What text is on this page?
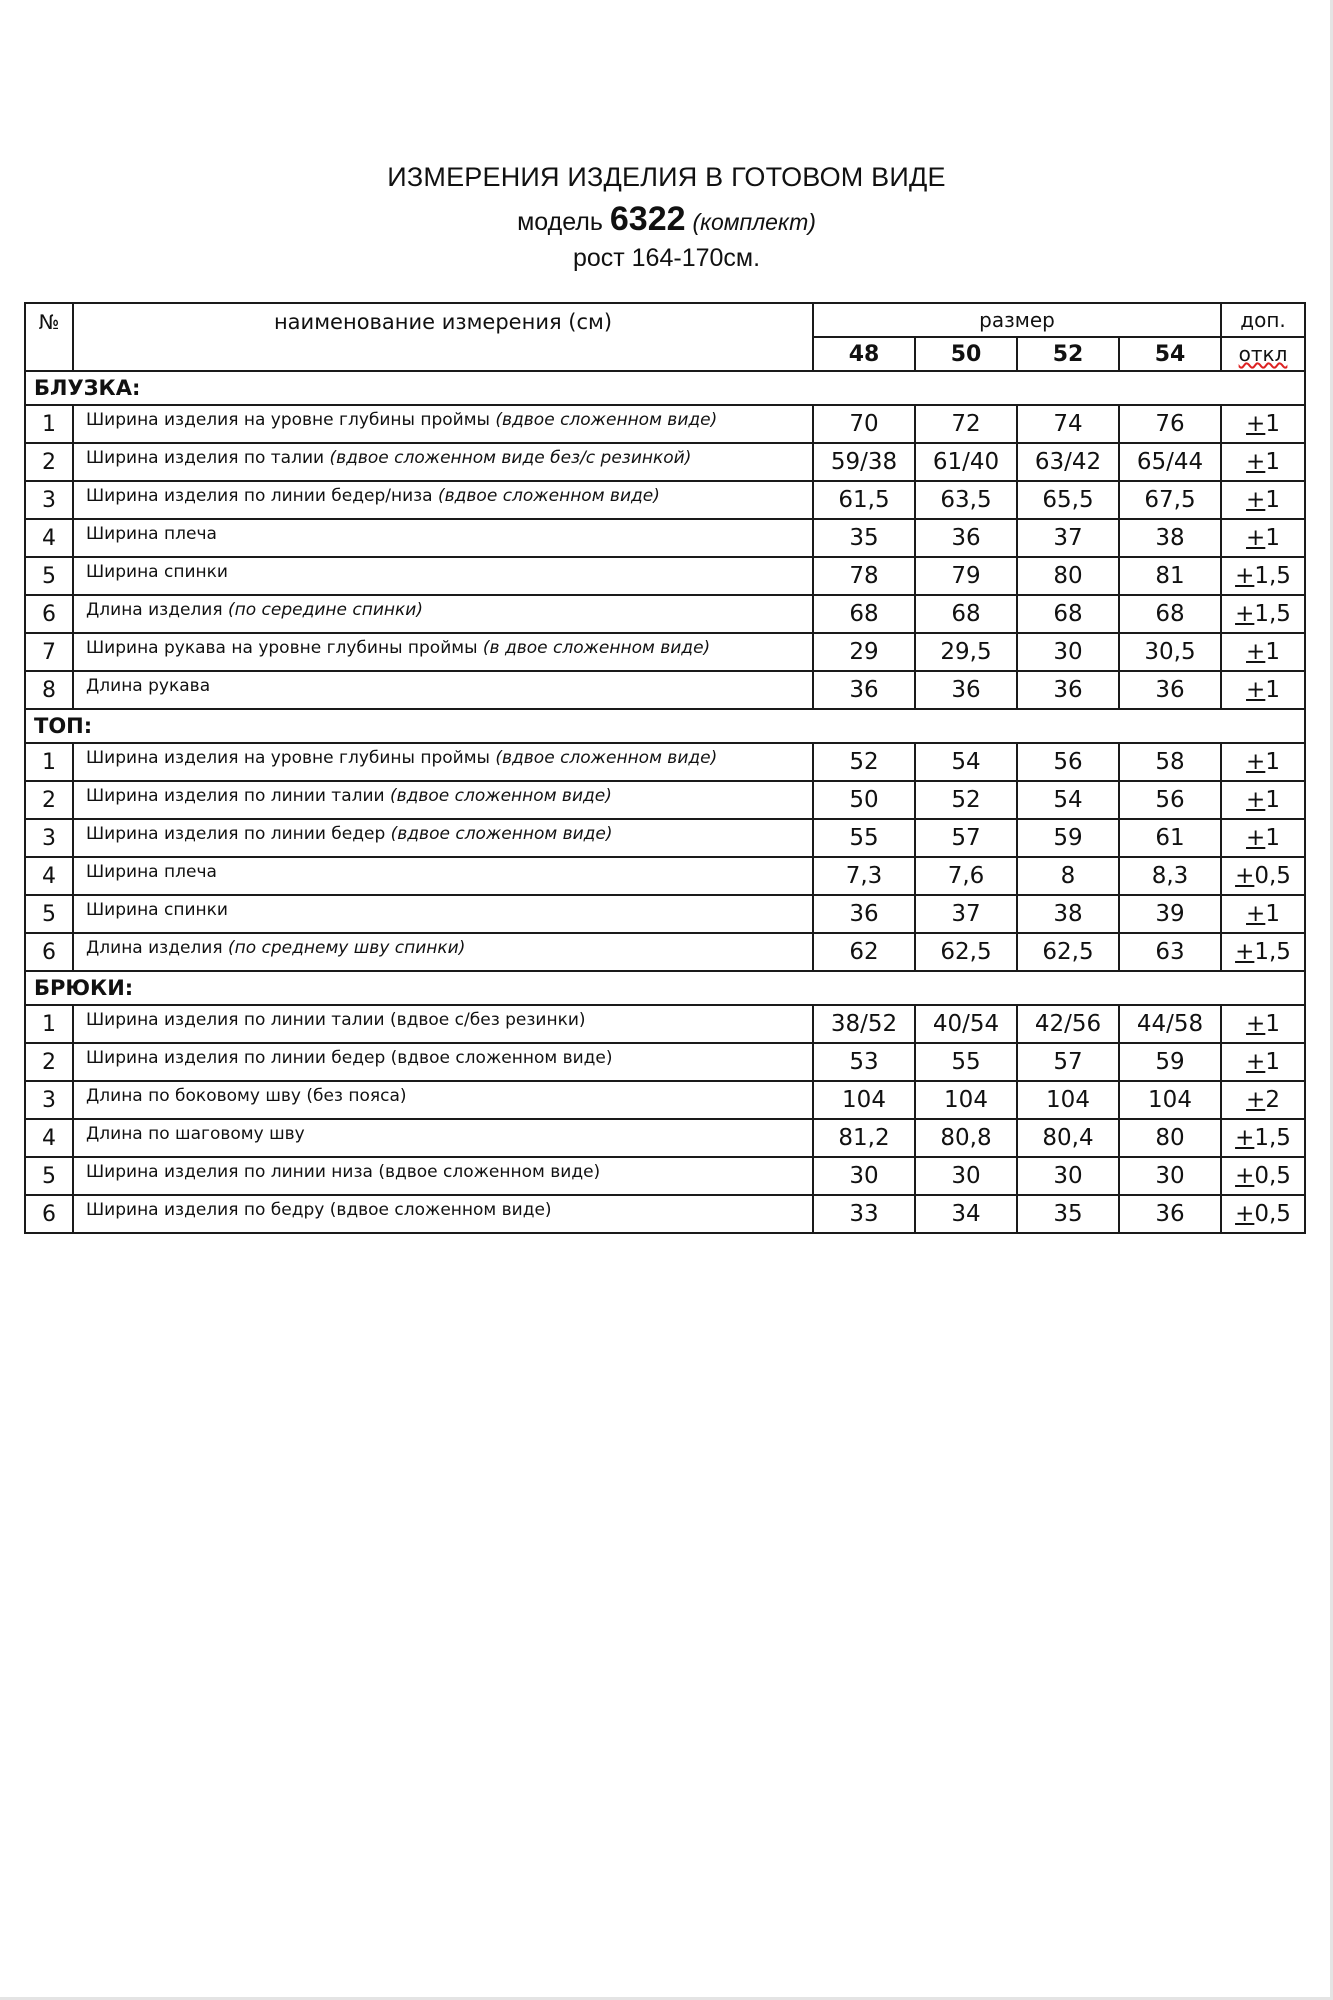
ИЗМЕРЕНИЯ ИЗДЕЛИЯ В ГОТОВОМ ВИДЕ
модель 6322 (комплект)
рост 164-170см.
№	наименование измерения (см)	размер				доп.
		48	50	52	54	откл
БЛУЗКА:						
1	Ширина изделия на уровне глубины проймы (вдвое сложенном виде)	70	72	74	76	+1
2	Ширина изделия по талии (вдвое сложенном виде без/с резинкой)	59/38	61/40	63/42	65/44	+1
3	Ширина изделия по линии бедер/низа (вдвое сложенном виде)	61,5	63,5	65,5	67,5	+1
4	Ширина плеча	35	36	37	38	+1
5	Ширина спинки	78	79	80	81	+1,5
6	Длина изделия (по середине спинки)	68	68	68	68	+1,5
7	Ширина рукава на уровне глубины проймы (в двое сложенном виде)	29	29,5	30	30,5	+1
8	Длина рукава	36	36	36	36	+1
ТОП:						
1	Ширина изделия на уровне глубины проймы (вдвое сложенном виде)	52	54	56	58	+1
2	Ширина изделия по линии талии (вдвое сложенном виде)	50	52	54	56	+1
3	Ширина изделия по линии бедер (вдвое сложенном виде)	55	57	59	61	+1
4	Ширина плеча	7,3	7,6	8	8,3	+0,5
5	Ширина спинки	36	37	38	39	+1
6	Длина изделия (по среднему шву спинки)	62	62,5	62,5	63	+1,5
БРЮКИ:						
1	Ширина изделия по линии талии (вдвое с/без резинки)	38/52	40/54	42/56	44/58	+1
2	Ширина изделия по линии бедер (вдвое сложенном виде)	53	55	57	59	+1
3	Длина по боковому шву (без пояса)	104	104	104	104	+2
4	Длина по шаговому шву	81,2	80,8	80,4	80	+1,5
5	Ширина изделия по линии низа (вдвое сложенном виде)	30	30	30	30	+0,5
6	Ширина изделия по бедру (вдвое сложенном виде)	33	34	35	36	+0,5
